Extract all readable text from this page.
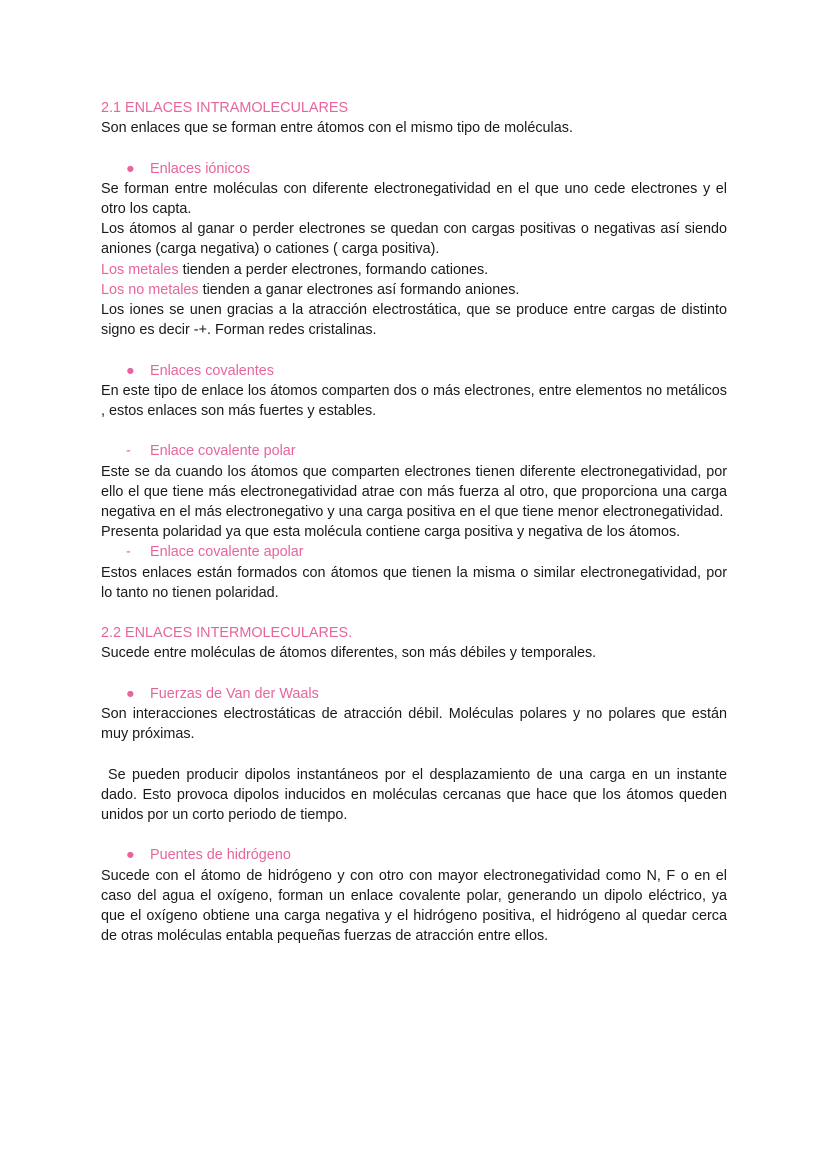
2.1 ENLACES INTRAMOLECULARES

Son enlaces que se forman entre átomos con el mismo tipo de moléculas.

● Enlaces iónicos

Se forman entre moléculas con diferente electronegatividad en el que uno cede electrones y el otro los capta.

Los átomos al ganar o perder electrones se quedan con cargas positivas o negativas así siendo aniones (carga negativa) o cationes ( carga positiva).

Los metales tienden a perder electrones, formando cationes.

Los no metales tienden a ganar electrones así formando aniones.

Los iones se unen gracias a la atracción electrostática, que se produce entre cargas de distinto signo es decir -+. Forman redes cristalinas.

● Enlaces covalentes

En este tipo de enlace los átomos comparten dos o más electrones, entre elementos no metálicos , estos enlaces son más fuertes y estables.

- Enlace covalente polar

Este se da cuando los átomos que comparten electrones tienen diferente electronegatividad, por ello el que tiene más electronegatividad atrae con más fuerza al otro, que proporciona una carga negativa en el más electronegativo y una carga positiva en el que tiene menor electronegatividad.

Presenta polaridad ya que esta molécula contiene carga positiva y negativa de los átomos.

- Enlace covalente apolar

Estos enlaces están formados con átomos que tienen la misma o similar electronegatividad, por lo tanto no tienen polaridad.

2.2 ENLACES INTERMOLECULARES.

Sucede entre moléculas de átomos diferentes, son más débiles y temporales.

● Fuerzas de Van der Waals

Son interacciones electrostáticas de atracción débil. Moléculas polares y no polares que están muy próximas.

Se pueden producir dipolos instantáneos por el desplazamiento de una carga en un instante dado. Esto provoca dipolos inducidos en moléculas cercanas que hace que los átomos queden unidos por un corto periodo de tiempo.

● Puentes de hidrógeno

Sucede con el átomo de hidrógeno y con otro con mayor electronegatividad como N, F o en el caso del agua el oxígeno, forman un enlace covalente polar, generando un dipolo eléctrico, ya que el oxígeno obtiene una carga negativa y el hidrógeno positiva, el hidrógeno al quedar cerca de otras moléculas entabla pequeñas fuerzas de atracción entre ellos.
